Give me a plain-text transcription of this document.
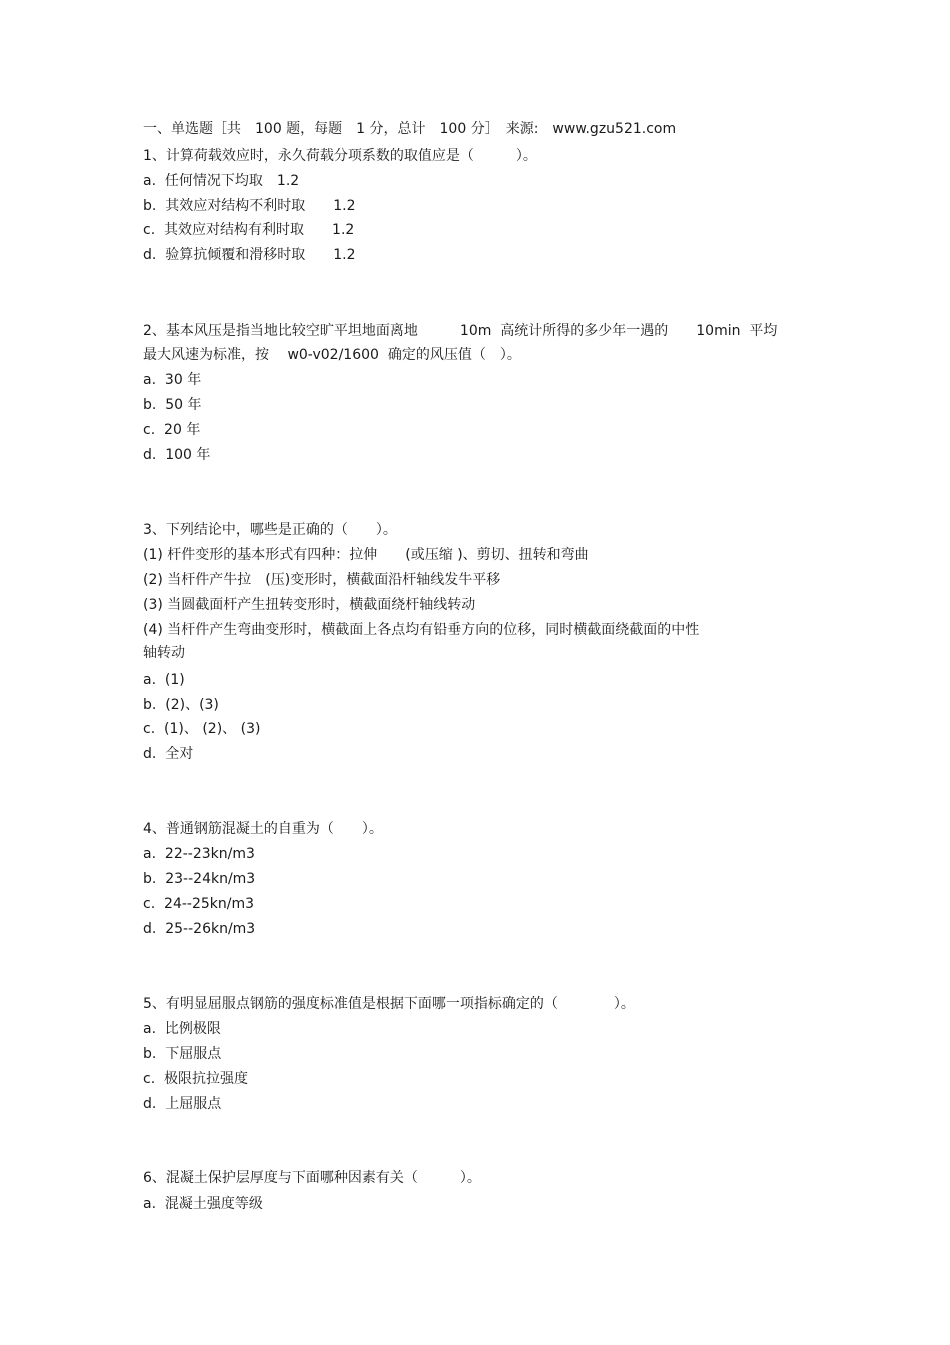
一、单选题［共　100 题，每题　1 分，总计　100 分］　来源:　www.gzu521.com
1、计算荷载效应时，永久荷载分项系数的取值应是（　　　）。
a.  任何情况下均取　1.2
b.  其效应对结构不利时取　　1.2
c.  其效应对结构有利时取　　1.2
d.  验算抗倾覆和滑移时取　　1.2
2、基本风压是指当地比较空旷平坦地面离地　　　10m  高统计所得的多少年一遇的　　10min  平均
最大风速为标准，按　 w0-v02/1600  确定的风压值（　）。
a.  30 年
b.  50 年
c.  20 年
d.  100 年
3、下列结论中，哪些是正确的（　　）。
(1) 杆件变形的基本形式有四种：拉伸　　(或压缩 )、剪切、扭转和弯曲
(2) 当杆件产牛拉　(压)变形时，横截面沿杆轴线发牛平移
(3) 当圆截面杆产生扭转变形时，横截面绕杆轴线转动
(4) 当杆件产生弯曲变形时，横截面上各点均有铅垂方向的位移，同时横截面绕截面的中性
轴转动
a.  (1)
b.  (2)、(3)
c.  (1)、 (2)、 (3)
d.  全对
4、普通钢筋混凝土的自重为（　　）。
a.  22--23kn/m3
b.  23--24kn/m3
c.  24--25kn/m3
d.  25--26kn/m3
5、有明显屈服点钢筋的强度标准值是根据下面哪一项指标确定的（　　　　）。
a.  比例极限
b.  下屈服点
c.  极限抗拉强度
d.  上屈服点
6、混凝土保护层厚度与下面哪种因素有关（　　　）。
a.  混凝土强度等级
